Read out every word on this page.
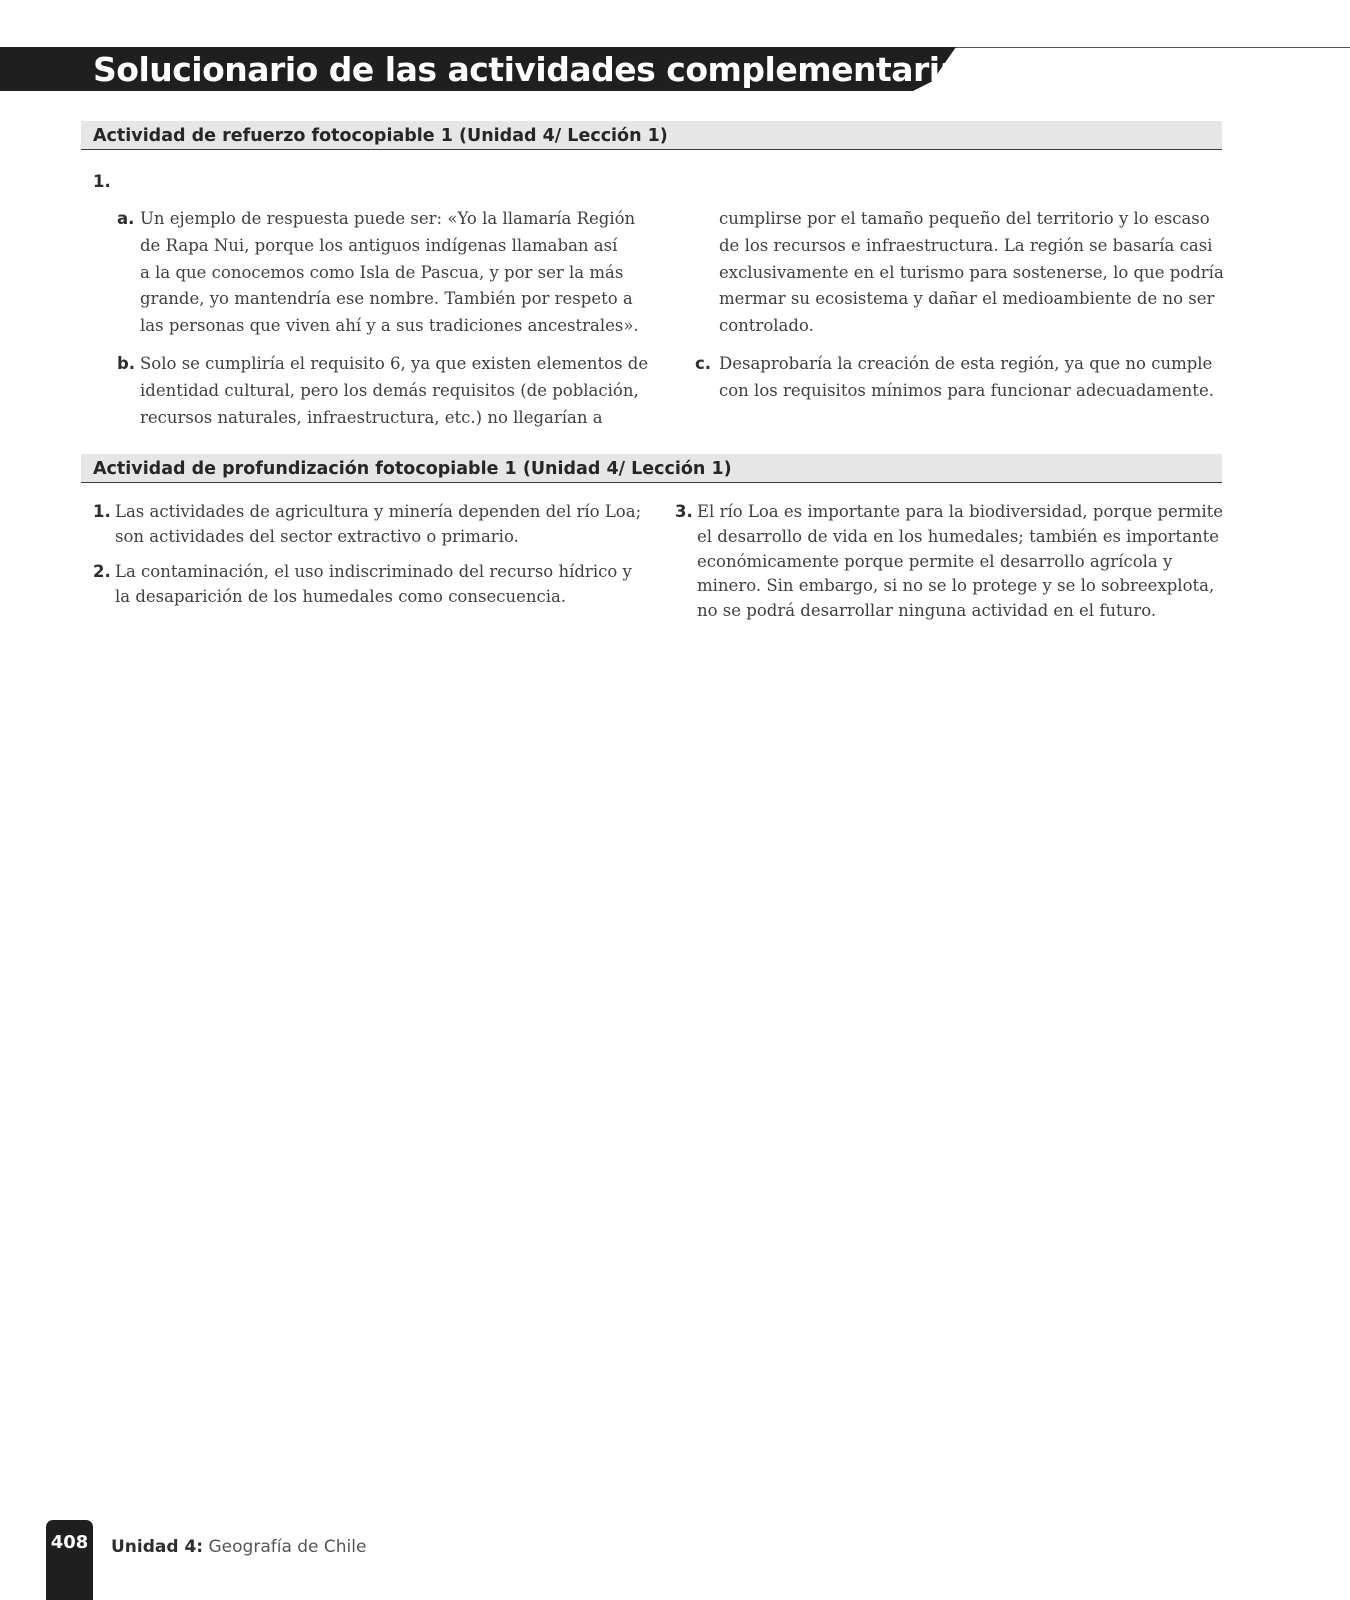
Solucionario de las actividades complementarias
Actividad de refuerzo fotocopiable 1 (Unidad 4/ Lección 1)
1.
a. Un ejemplo de respuesta puede ser: «Yo la llamaría Región
de Rapa Nui, porque los antiguos indígenas llamaban así
a la que conocemos como Isla de Pascua, y por ser la más
grande, yo mantendría ese nombre. También por respeto a
las personas que viven ahí y a sus tradiciones ancestrales».
b. Solo se cumpliría el requisito 6, ya que existen elementos de
identidad cultural, pero los demás requisitos (de población,
recursos naturales, infraestructura, etc.) no llegarían a
cumplirse por el tamaño pequeño del territorio y lo escaso
de los recursos e infraestructura. La región se basaría casi
exclusivamente en el turismo para sostenerse, lo que podría
mermar su ecosistema y dañar el medioambiente de no ser
controlado.
c. Desaprobaría la creación de esta región, ya que no cumple
con los requisitos mínimos para funcionar adecuadamente.
Actividad de profundización fotocopiable 1 (Unidad 4/ Lección 1)
1. Las actividades de agricultura y minería dependen del río Loa;
son actividades del sector extractivo o primario.
2. La contaminación, el uso indiscriminado del recurso hídrico y
la desaparición de los humedales como consecuencia.
3. El río Loa es importante para la biodiversidad, porque permite
el desarrollo de vida en los humedales; también es importante
económicamente porque permite el desarrollo agrícola y
minero. Sin embargo, si no se lo protege y se lo sobreexplota,
no se podrá desarrollar ninguna actividad en el futuro.
408 Unidad 4: Geografía de Chile
